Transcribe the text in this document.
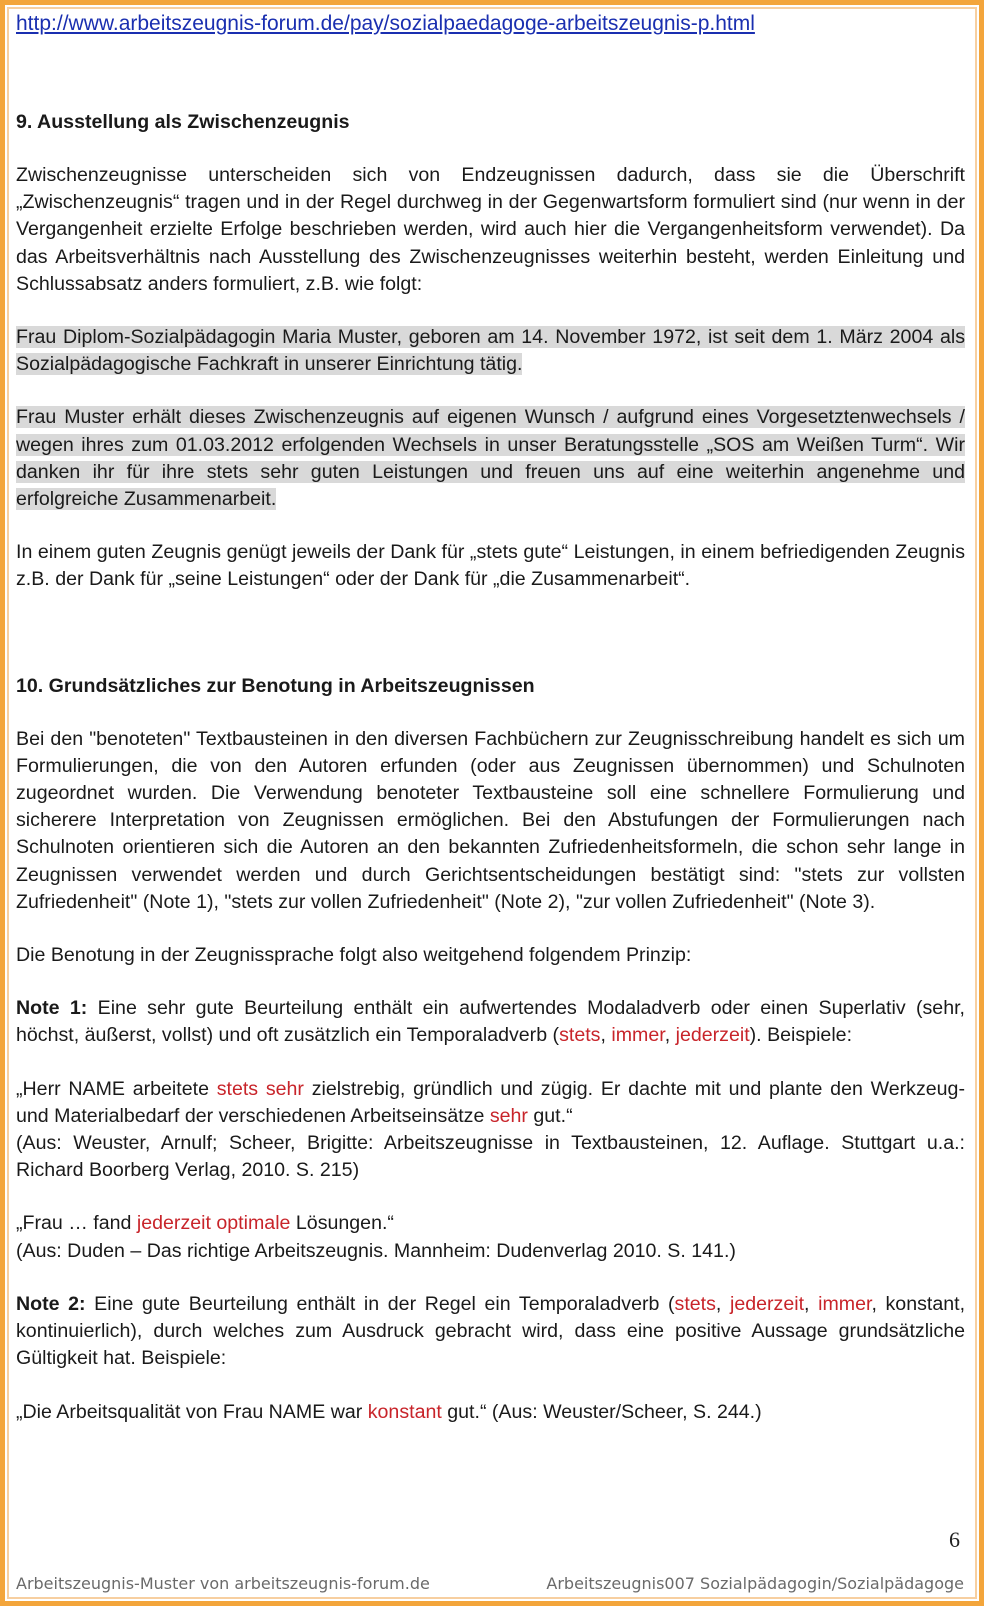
http://www.arbeitszeugnis-forum.de/pay/sozialpaedagoge-arbeitszeugnis-p.html
9. Ausstellung als Zwischenzeugnis

Zwischenzeugnisse unterscheiden sich von Endzeugnissen dadurch, dass sie die Überschrift „Zwischenzeugnis“ tragen und in der Regel durchweg in der Gegenwartsform formuliert sind (nur wenn in der Vergangenheit erzielte Erfolge beschrieben werden, wird auch hier die Vergangenheitsform verwendet). Da das Arbeitsverhältnis nach Ausstellung des Zwischenzeugnisses weiterhin besteht, werden Einleitung und Schlussabsatz anders formuliert, z.B. wie folgt:

Frau Diplom-Sozialpädagogin Maria Muster, geboren am 14. November 1972, ist seit dem 1. März 2004 als Sozialpädagogische Fachkraft in unserer Einrichtung tätig.

Frau Muster erhält dieses Zwischenzeugnis auf eigenen Wunsch / aufgrund eines Vorgesetztenwechsels / wegen ihres zum 01.03.2012 erfolgenden Wechsels in unser Beratungsstelle „SOS am Weißen Turm“. Wir danken ihr für ihre stets sehr guten Leistungen und freuen uns auf eine weiterhin angenehme und erfolgreiche Zusammenarbeit.

In einem guten Zeugnis genügt jeweils der Dank für „stets gute“ Leistungen, in einem befriedigenden Zeugnis z.B. der Dank für „seine Leistungen“ oder der Dank für „die Zusammenarbeit“.

10. Grundsätzliches zur Benotung in Arbeitszeugnissen

Bei den "benoteten" Textbausteinen in den diversen Fachbüchern zur Zeugnisschreibung handelt es sich um Formulierungen, die von den Autoren erfunden (oder aus Zeugnissen übernommen) und Schulnoten zugeordnet wurden. Die Verwendung benoteter Textbausteine soll eine schnellere Formulierung und sicherere Interpretation von Zeugnissen ermöglichen. Bei den Abstufungen der Formulierungen nach Schulnoten orientieren sich die Autoren an den bekannten Zufriedenheitsformeln, die schon sehr lange in Zeugnissen verwendet werden und durch Gerichtsentscheidungen bestätigt sind: "stets zur vollsten Zufriedenheit" (Note 1), "stets zur vollen Zufriedenheit" (Note 2), "zur vollen Zufriedenheit" (Note 3).

Die Benotung in der Zeugnissprache folgt also weitgehend folgendem Prinzip:

Note 1: Eine sehr gute Beurteilung enthält ein aufwertendes Modaladverb oder einen Superlativ (sehr, höchst, äußerst, vollst) und oft zusätzlich ein Temporaladverb (stets, immer, jederzeit). Beispiele:

„Herr NAME arbeitete stets sehr zielstrebig, gründlich und zügig. Er dachte mit und plante den Werkzeug- und Materialbedarf der verschiedenen Arbeitseinsätze sehr gut.“

(Aus: Weuster, Arnulf; Scheer, Brigitte: Arbeitszeugnisse in Textbausteinen, 12. Auflage. Stuttgart u.a.: Richard Boorberg Verlag, 2010. S. 215)

„Frau … fand jederzeit optimale Lösungen.“

(Aus: Duden – Das richtige Arbeitszeugnis. Mannheim: Dudenverlag 2010. S. 141.)

Note 2: Eine gute Beurteilung enthält in der Regel ein Temporaladverb (stets, jederzeit, immer, konstant, kontinuierlich), durch welches zum Ausdruck gebracht wird, dass eine positive Aussage grundsätzliche Gültigkeit hat. Beispiele:

„Die Arbeitsqualität von Frau NAME war konstant gut.“ (Aus: Weuster/Scheer, S. 244.)

6
Arbeitszeugnis-Muster von arbeitszeugnis-forum.de	Arbeitszeugnis007 Sozialpädagogin/Sozialpädagoge
